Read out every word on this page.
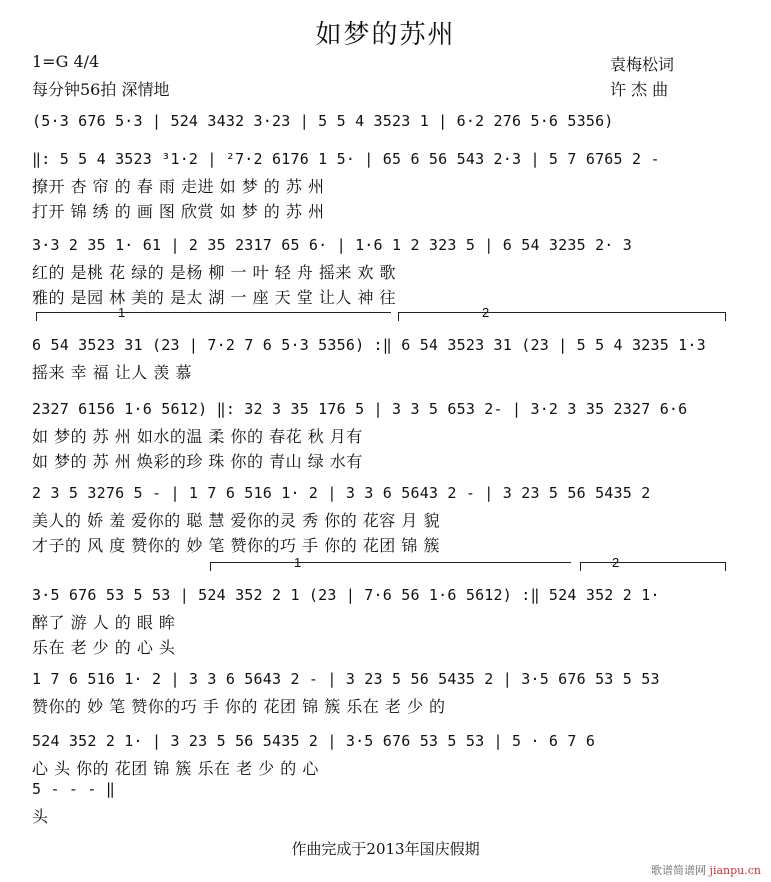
如梦的苏州
1=G 4/4
每分钟56拍 深情地
袁梅松词
许 杰 曲
(5·3 676 5·3 | 524 3432 3·23 | 5 5 4 3523 1 | 6·2 276 5·6 5356)
‖: 5 5 4 3523 ³1·2 | ²7·2 6176 1 5· | 65 6 56 543 2·3 | 5 7 6765 2 -
撩开 杏 帘 的 春 雨 走进 如 梦 的 苏 州
打开 锦 绣 的 画 图 欣赏 如 梦 的 苏 州
3·3 2 35 1· 61 | 2 35 2317 65 6· | 1·6 1 2 323 5 | 6 54 3235 2· 3
红的 是桃 花 绿的 是杨 柳 一 叶 轻 舟 摇来 欢 歌
雅的 是园 林 美的 是太 湖 一 座 天 堂 让人 神 往
1	2
6 54 3523 31 (23 | 7·2 7 6 5·3 5356) :‖ 6 54 3523 31 (23 | 5 5 4 3235 1·3
摇来 幸 福 让人 羡 慕
2327 6156 1·6 5612) ‖: 32 3 35 176 5 | 3 3 5 653 2- | 3·2 3 35 2327 6·6
如 梦的 苏 州 如水的温 柔 你的 春花 秋 月有
如 梦的 苏 州 焕彩的珍 珠 你的 青山 绿 水有
2 3 5 3276 5 - | 1 7 6 516 1· 2 | 3 3 6 5643 2 - | 3 23 5 56 5435 2
美人的 娇 羞 爱你的 聪 慧 爱你的灵 秀 你的 花容 月 貌
才子的 风 度 赞你的 妙 笔 赞你的巧 手 你的 花团 锦 簇
1	2
3·5 676 53 5 53 | 524 352 2 1 (23 | 7·6 56 1·6 5612) :‖ 524 352 2 1·
醉了 游 人 的 眼 眸
乐在 老 少 的 心 头
1 7 6 516 1· 2 | 3 3 6 5643 2 - | 3 23 5 56 5435 2 | 3·5 676 53 5 53
赞你的 妙 笔 赞你的巧 手 你的 花团 锦 簇 乐在 老 少 的
524 352 2 1· | 3 23 5 56 5435 2 | 3·5 676 53 5 53 | 5 · 6 7 6
心 头 你的 花团 锦 簇 乐在 老 少 的 心
5 - - - ‖
头
作曲完成于2013年国庆假期
歌谱简谱网 jianpu.cn
